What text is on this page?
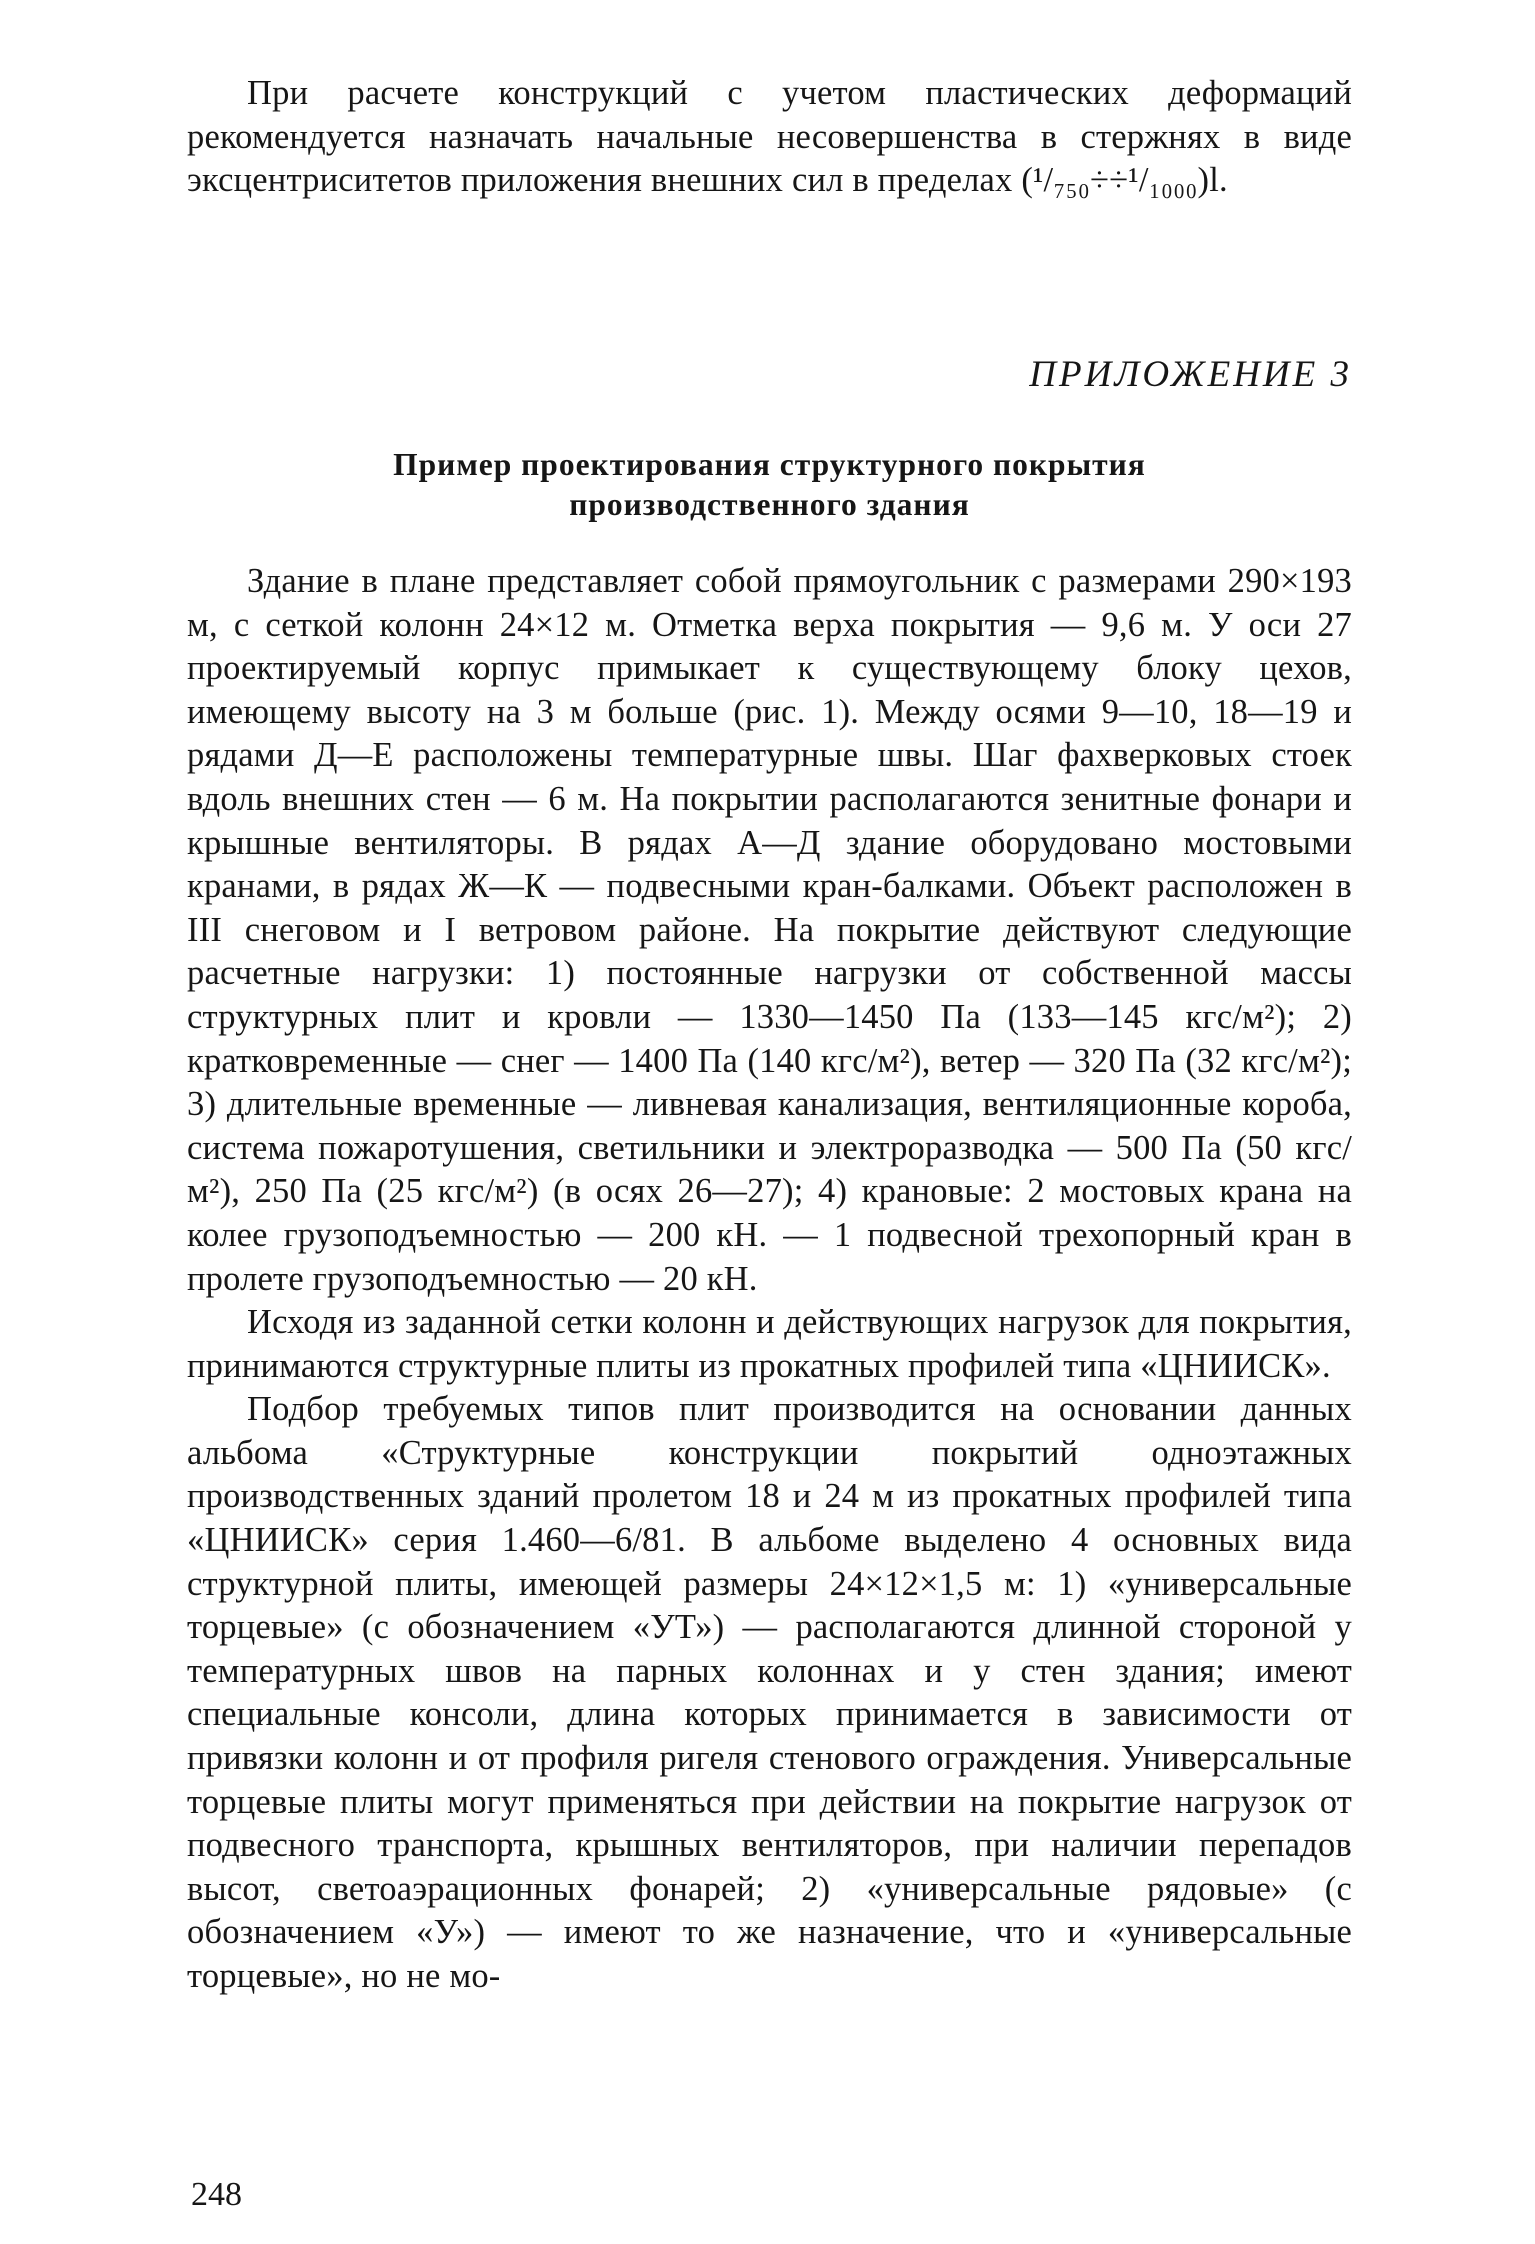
При расчете конструкций с учетом пластических деформаций рекомендуется назначать начальные несовершенства в стержнях в виде эксцентриситетов приложения внешних сил в пределах (¹/₇₅₀÷÷¹/₁₀₀₀)l.

ПРИЛОЖЕНИЕ 3
Пример проектирования структурного покрытия
производственного здания

Здание в плане представляет собой прямоугольник с размерами 290×193 м, с сеткой колонн 24×12 м. Отметка верха покрытия — 9,6 м. У оси 27 проектируемый корпус примыкает к существующему блоку цехов, имеющему высоту на 3 м больше (рис. 1). Между осями 9—10, 18—19 и рядами Д—Е расположены температурные швы. Шаг фахверковых стоек вдоль внешних стен — 6 м. На покрытии располагаются зенитные фонари и крышные вентиляторы. В рядах А—Д здание оборудовано мостовыми кранами, в рядах Ж—К — подвесными кран-балками. Объект расположен в III снеговом и I ветровом районе. На покрытие действуют следующие расчетные нагрузки: 1) постоянные нагрузки от собственной массы структурных плит и кровли — 1330—1450 Па (133—145 кгс/м²); 2) кратковременные — снег — 1400 Па (140 кгс/м²), ветер — 320 Па (32 кгс/м²); 3) длительные временные — ливневая канализация, вентиляционные короба, система пожаротушения, светильники и электроразводка — 500 Па (50 кгс/м²), 250 Па (25 кгс/м²) (в осях 26—27); 4) крановые: 2 мостовых крана на колее грузоподъемностью — 200 кН. — 1 подвесной трехопорный кран в пролете грузоподъемностью — 20 кН.

Исходя из заданной сетки колонн и действующих нагрузок для покрытия, принимаются структурные плиты из прокатных профилей типа «ЦНИИСК».

Подбор требуемых типов плит производится на основании данных альбома «Структурные конструкции покрытий одноэтажных производственных зданий пролетом 18 и 24 м из прокатных профилей типа «ЦНИИСК» серия 1.460—6/81. В альбоме выделено 4 основных вида структурной плиты, имеющей размеры 24×12×1,5 м: 1) «универсальные торцевые» (с обозначением «УТ») — располагаются длинной стороной у температурных швов на парных колоннах и у стен здания; имеют специальные консоли, длина которых принимается в зависимости от привязки колонн и от профиля ригеля стенового ограждения. Универсальные торцевые плиты могут применяться при действии на покрытие нагрузок от подвесного транспорта, крышных вентиляторов, при наличии перепадов высот, светоаэрационных фонарей; 2) «универсальные рядовые» (с обозначением «У») — имеют то же назначение, что и «универсальные торцевые», но не мо-

248
